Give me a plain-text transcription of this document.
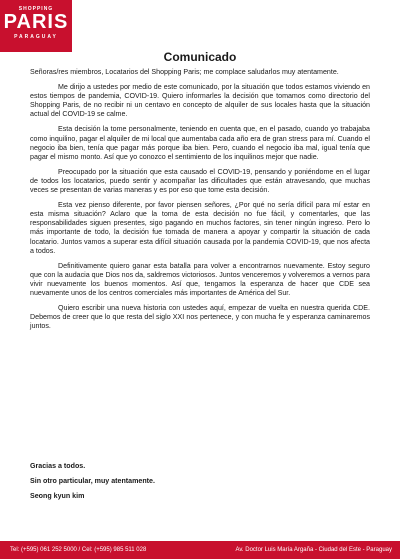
SHOPPING
PARIS
PARAGUAY
Comunicado

Señoras/res miembros, Locatarios del Shopping Paris; me complace saludarlos muy atentamente.

Me dirijo a ustedes por medio de este comunicado, por la situación que todos estamos viviendo en estos tiempos de pandemia, COVID-19. Quiero informarles la decisión que tomamos como directorio del Shopping Paris, de no recibir ni un centavo en concepto de alquiler de sus locales hasta que la situación actual del COVID-19 se calme.

Esta decisión la tome personalmente, teniendo en cuenta que, en el pasado, cuando yo trabajaba como inquilino, pagar el alquiler de mi local que aumentaba cada año era de gran stress para mí. Cuando el negocio iba bien, tenía que pagar más porque iba bien. Pero, cuando el negocio iba mal, igual tenía que pagar el mismo monto. Así que yo conozco el sentimiento de los inquilinos mejor que nadie.

Preocupado por la situación que esta causado el COVID-19, pensando y poniéndome en el lugar de todos los locatarios, puedo sentir y acompañar las dificultades que están atravesando, que muchas veces se presentan de varias maneras y es por eso que tome esta decisión.

Esta vez pienso diferente, por favor piensen señores, ¿Por qué no sería difícil para mí estar en esta misma situación? Aclaro que la toma de esta decisión no fue fácil, y comentarles, que las responsabilidades siguen presentes, sigo pagando en muchos factores, sin tener ningún ingreso. Pero lo más importante de todo, la decisión fue tomada de manera a apoyar y compartir la situación de cada locatario. Juntos vamos a superar esta difícil situación causada por la pandemia COVID-19, que nos afecta a todos.

Definitivamente quiero ganar esta batalla para volver a encontrarnos nuevamente. Estoy seguro que con la audacia que Dios nos da, saldremos victoriosos. Juntos venceremos y volveremos a vernos para vivir nuevamente los buenos momentos. Así que, tengamos la esperanza de hacer que CDE sea nuevamente unos de los centros comerciales más importantes de América del Sur.

Quiero escribir una nueva historia con ustedes aquí, empezar de vuelta en nuestra querida CDE. Debemos de creer que lo que resta del siglo XXI nos pertenece, y con mucha fe y esperanza caminaremos juntos.

Gracias a todos.
Sin otro particular, muy atentamente.
Seong kyun kim
Tel: (+595) 061 252 5000 / Cel: (+595) 985 511 028	Av. Doctor Luis María Argaña - Ciudad del Este - Paraguay
